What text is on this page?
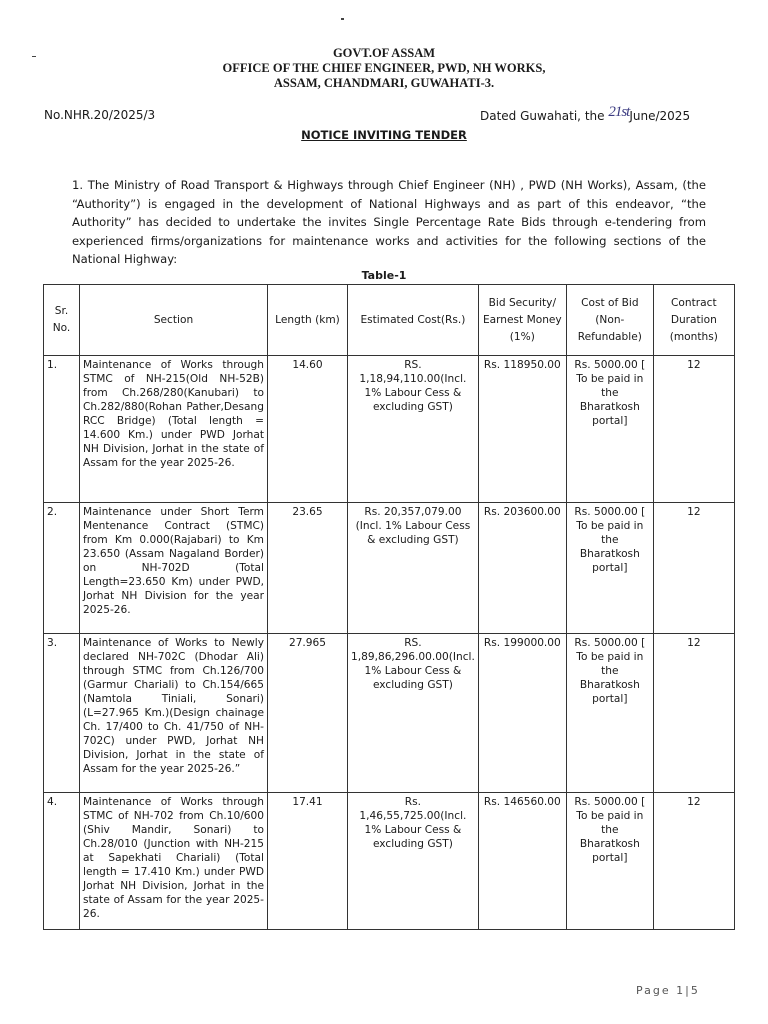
GOVT.OF ASSAM
OFFICE OF THE CHIEF ENGINEER, PWD, NH WORKS,
ASSAM, CHANDMARI, GUWAHATI-3.
No.NHR.20/2025/3	Dated Guwahati, the 21stJune/2025
NOTICE INVITING TENDER
1. The Ministry of Road Transport & Highways through Chief Engineer (NH) , PWD (NH Works), Assam, (the “Authority”) is engaged in the development of National Highways and as part of this endeavor, “the Authority” has decided to undertake the invites Single Percentage Rate Bids through e-tendering from experienced firms/organizations for maintenance works and activities for the following sections of the National Highway:
Table-1
Sr. No.	Section	Length (km)	Estimated Cost(Rs.)	Bid Security/ Earnest Money (1%)	Cost of Bid (Non-Refundable)	Contract Duration (months)
1.	Maintenance of Works through STMC of NH-215(Old NH-52B) from Ch.268/280(Kanubari) to Ch.282/880(Rohan Pather,Desang RCC Bridge) (Total length = 14.600 Km.) under PWD Jorhat NH Division, Jorhat in the state of Assam for the year 2025-26.	14.60	RS. 1,18,94,110.00(Incl. 1% Labour Cess & excluding GST)	Rs. 118950.00	Rs. 5000.00 [ To be paid in the Bharatkosh portal]	12
2.	Maintenance under Short Term Mentenance Contract (STMC) from Km 0.000(Rajabari) to Km 23.650 (Assam Nagaland Border) on NH-702D (Total Length=23.650 Km) under PWD, Jorhat NH Division for the year 2025-26.	23.65	Rs. 20,357,079.00 (Incl. 1% Labour Cess & excluding GST)	Rs. 203600.00	Rs. 5000.00 [ To be paid in the Bharatkosh portal]	12
3.	Maintenance of Works to Newly declared NH-702C (Dhodar Ali) through STMC from Ch.126/700 (Garmur Chariali) to Ch.154/665 (Namtola Tiniali, Sonari)(L=27.965 Km.)(Design chainage Ch. 17/400 to Ch. 41/750 of NH-702C) under PWD, Jorhat NH Division, Jorhat in the state of Assam for the year 2025-26.”	27.965	RS. 1,89,86,296.00.00(Incl. 1% Labour Cess & excluding GST)	Rs. 199000.00	Rs. 5000.00 [ To be paid in the Bharatkosh portal]	12
4.	Maintenance of Works through STMC of NH-702 from Ch.10/600 (Shiv Mandir, Sonari) to Ch.28/010 (Junction with NH-215 at Sapekhati Chariali) (Total length = 17.410 Km.) under PWD Jorhat NH Division, Jorhat in the state of Assam for the year 2025-26.	17.41	Rs. 1,46,55,725.00(Incl. 1% Labour Cess & excluding GST)	Rs. 146560.00	Rs. 5000.00 [ To be paid in the Bharatkosh portal]	12
Page 1|5
